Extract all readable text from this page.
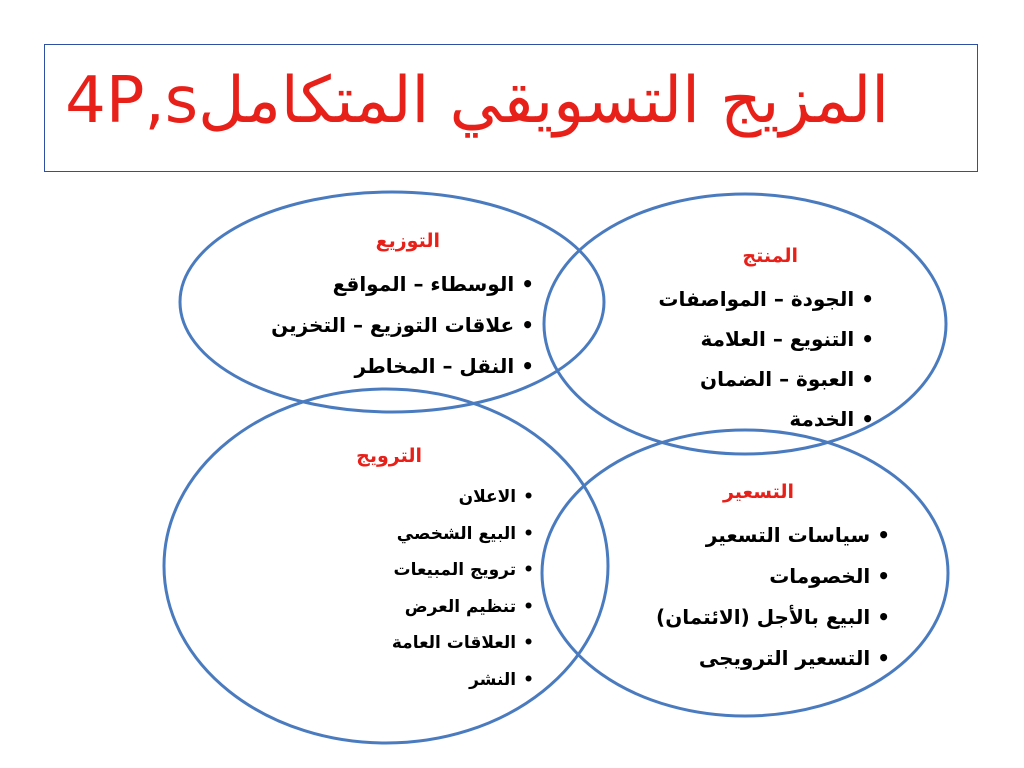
المزيج التسويقي المتكامل4P,s
التوزيع
•الوسطاء – المواقع
•علاقات التوزيع – التخزين
•النقل – المخاطر
المنتج
•الجودة – المواصفات
•التنويع – العلامة
•العبوة – الضمان
•الخدمة
الترويج
•الاعلان
•البيع الشخصي
•ترويج المبيعات
•تنظيم العرض
•العلاقات العامة
•النشر
التسعير
•سياسات التسعير
•الخصومات
•البيع بالأجل (الائتمان)
•التسعير الترويجى
